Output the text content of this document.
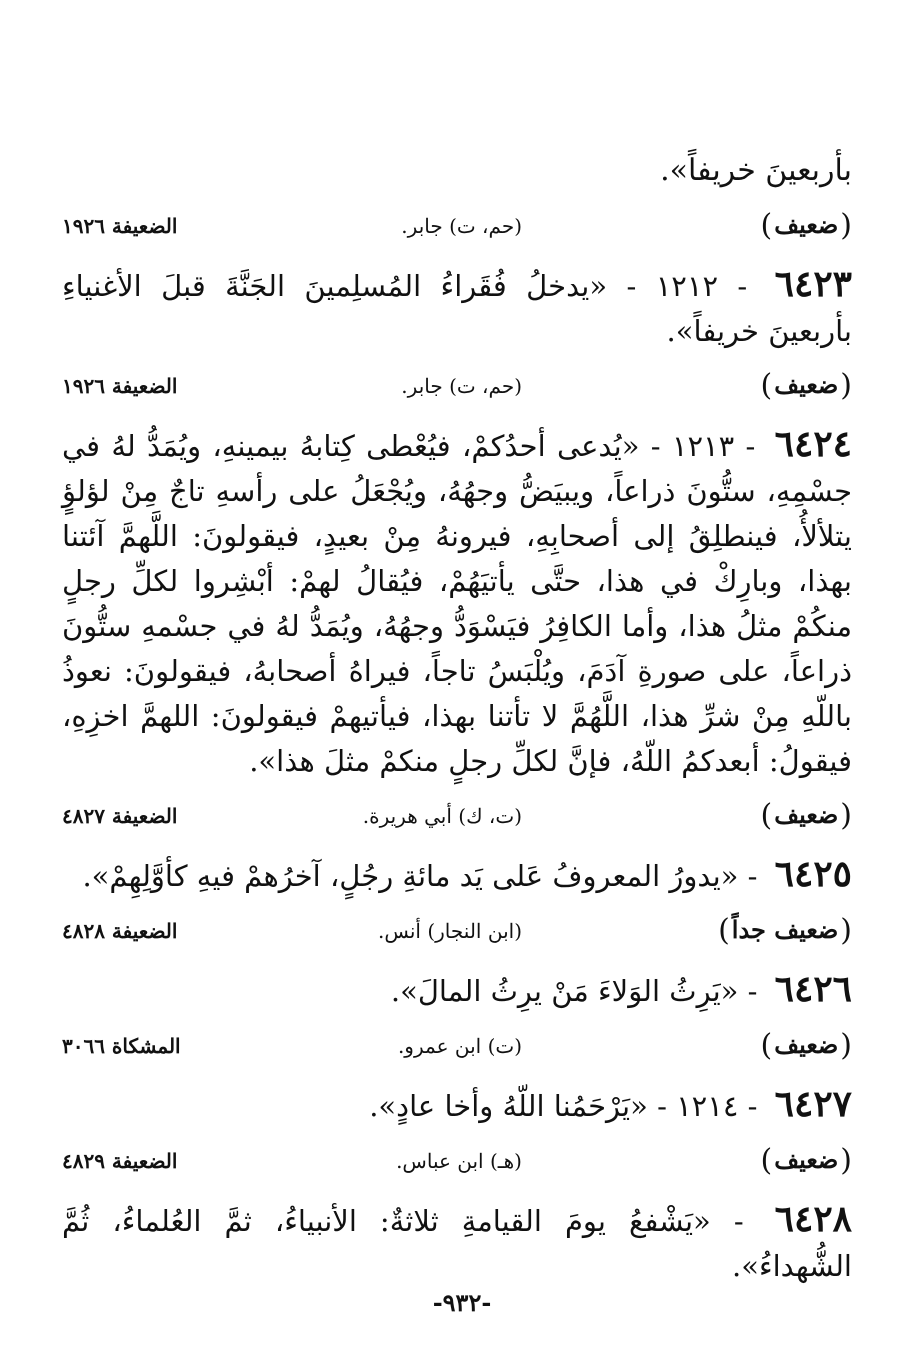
بأربعينَ خريفاً».
( ضعيف )
(حم، ت) جابر.
الضعيفة ١٩٢٦
٦٤٢٣ - ١٢١٢ - «يدخلُ فُقَراءُ المُسلِمينَ الجَنَّةَ قبلَ الأغنياءِ بأربعينَ خريفاً».
( ضعيف )
(حم، ت) جابر.
الضعيفة ١٩٢٦
٦٤٢٤ - ١٢١٣ - «يُدعى أحدُكمْ، فيُعْطى كِتابهُ بيمينهِ، ويُمَدُّ لهُ في جسْمِهِ، ستُّونَ ذراعاً، ويبيَضُّ وجهُهُ، ويُجْعَلُ على رأسهِ تاجٌ مِنْ لؤلؤٍ يتلألأُ، فينطلِقُ إلى أصحابِهِ، فيرونهُ مِنْ بعيدٍ، فيقولونَ: اللَّهمَّ آئتنا بهذا، وبارِكْ في هذا، حتَّى يأتيَهُمْ، فيُقالُ لهمْ: أبْشِروا لكلِّ رجلٍ منكُمْ مثلُ هذا، وأما الكافِرُ فيَسْوَدُّ وجهُهُ، ويُمَدُّ لهُ في جسْمهِ ستُّونَ ذراعاً، على صورةِ آدَمَ، ويُلْبَسُ تاجاً، فيراهُ أصحابهُ، فيقولونَ: نعوذُ باللّهِ مِنْ شرِّ هذا، اللَّهُمَّ لا تأتنا بهذا، فيأتيهمْ فيقولونَ: اللهمَّ اخزِهِ، فيقولُ: أبعدكمُ اللّهُ، فإنَّ لكلِّ رجلٍ منكمْ مثلَ هذا».
( ضعيف )
(ت، ك) أبي هريرة.
الضعيفة ٤٨٢٧
٦٤٢٥ - «يدورُ المعروفُ عَلى يَد مائةِ رجُلٍ، آخرُهمْ فيهِ كأوَّلِهِمْ».
( ضعيف جداً )
(ابن النجار) أنس.
الضعيفة ٤٨٢٨
٦٤٢٦ - «يَرِثُ الوَلاءَ مَنْ يرِثُ المالَ».
( ضعيف )
(ت) ابن عمرو.
المشكاة ٣٠٦٦
٦٤٢٧ - ١٢١٤ - «يَرْحَمُنا اللّهُ وأخا عادٍ».
( ضعيف )
(هـ) ابن عباس.
الضعيفة ٤٨٢٩
٦٤٢٨ - «يَشْفعُ يومَ القيامةِ ثلاثةٌ: الأنبياءُ، ثمَّ العُلماءُ، ثُمَّ الشُّهداءُ».
-٩٣٢-
